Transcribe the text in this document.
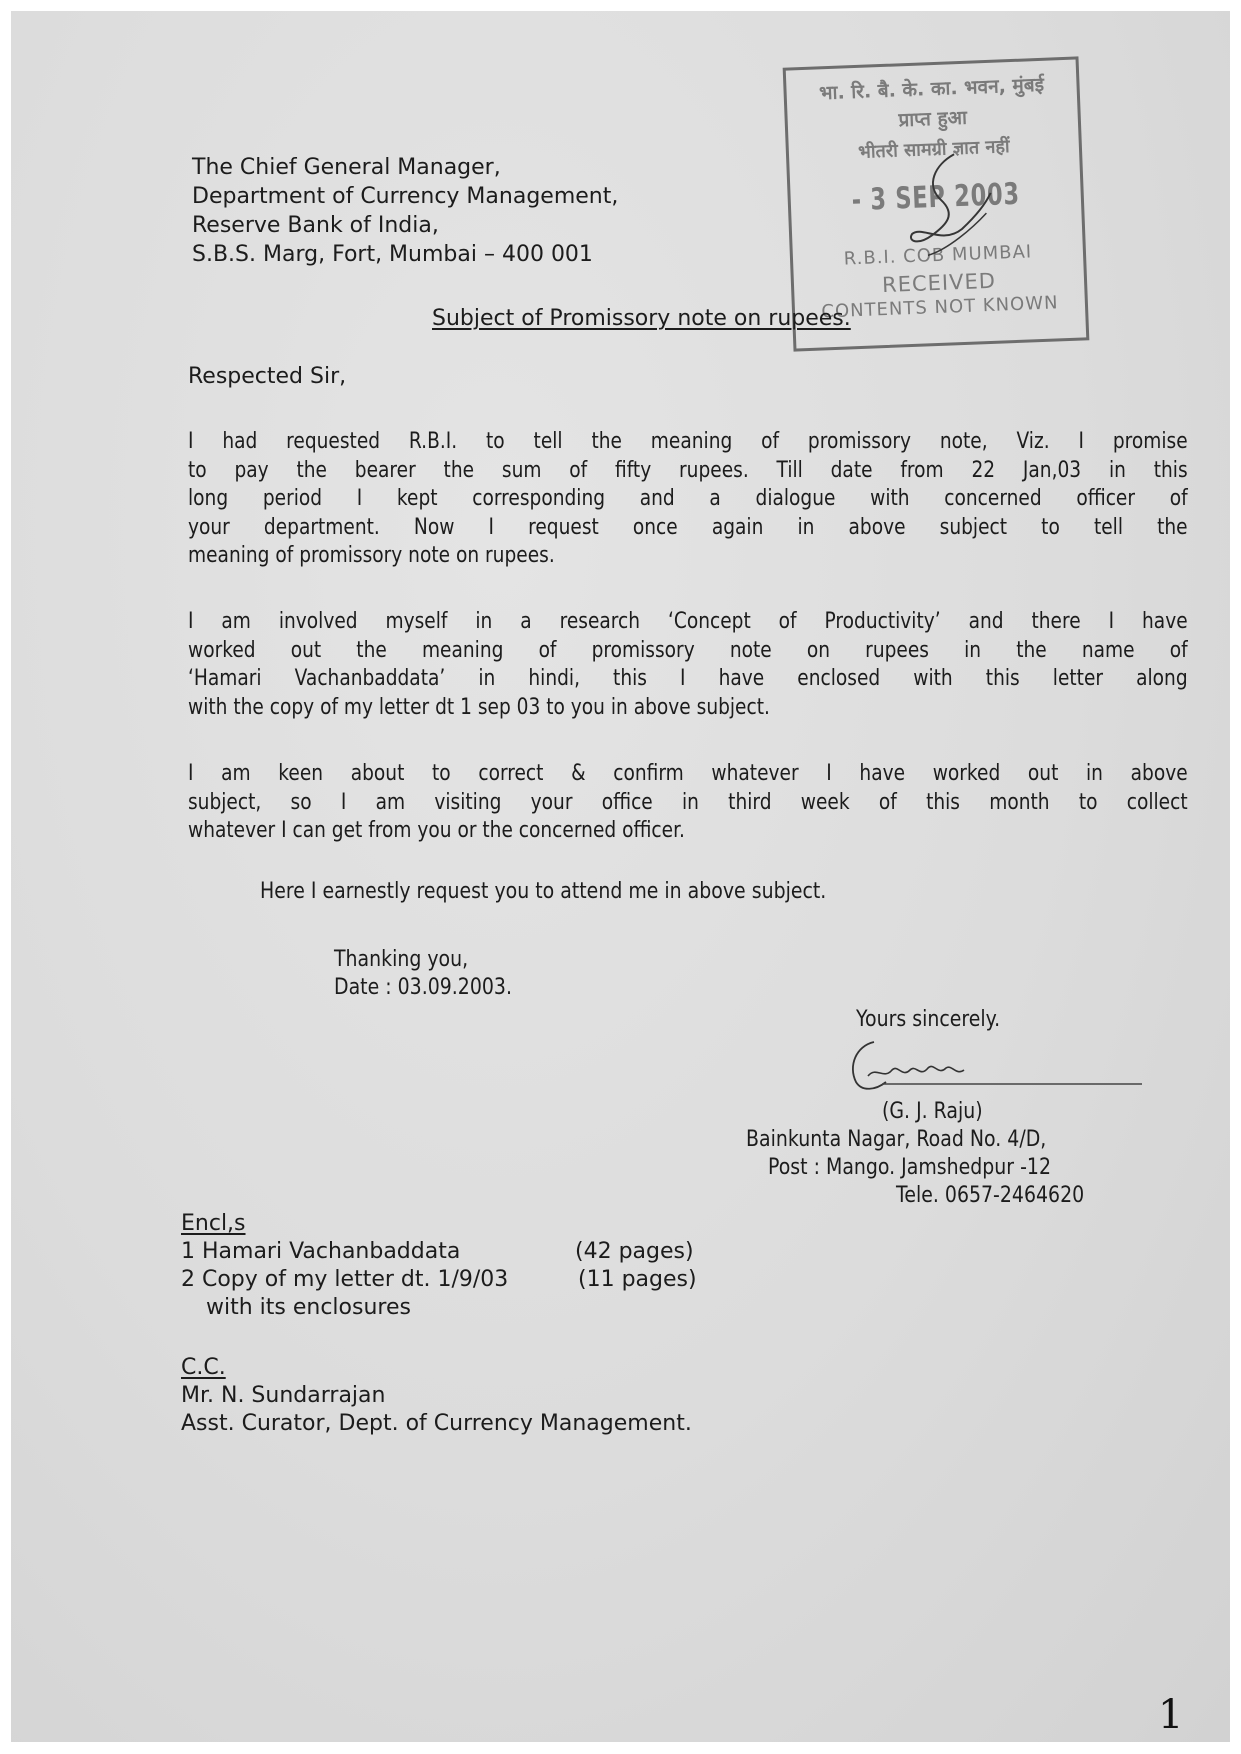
The Chief General Manager,
Department of Currency Management,
Reserve Bank of India,
S.B.S. Marg, Fort, Mumbai – 400 001
भा. रि. बै. के. का. भवन, मुंबई
प्राप्त हुआ
भीतरी सामग्री ज्ञात नहीं
- 3 SEP 2003
R.B.I. COB MUMBAI
RECEIVED
CONTENTS NOT KNOWN
Subject of Promissory note on rupees.
Respected Sir,
I had requested R.B.I. to tell the meaning of promissory note, Viz. I promise
to pay the bearer the sum of fifty rupees. Till date from 22 Jan,03 in this
long period I kept corresponding and a dialogue with concerned officer of
your department. Now I request once again in above subject to tell the
meaning of promissory note on rupees.
I am involved myself in a research ‘Concept of Productivity’ and there I have
worked out the meaning of promissory note on rupees in the name of
‘Hamari Vachanbaddata’ in hindi, this I have enclosed with this letter along
with the copy of my letter dt 1 sep 03 to you in above subject.
I am keen about to correct & confirm whatever I have worked out in above
subject, so I am visiting your office in third week of this month to collect
whatever I can get from you or the concerned officer.
Here I earnestly request you to attend me in above subject.
Thanking you,
Date : 03.09.2003.
Yours sincerely.
(G. J. Raju)
Bainkunta Nagar, Road No. 4/D,
Post : Mango. Jamshedpur -12
Tele. 0657-2464620
Encl,s
1 Hamari Vachanbaddata	(42 pages)
2 Copy of my letter dt. 1/9/03	(11 pages)
with its enclosures
C.C.
Mr. N. Sundarrajan
Asst. Curator, Dept. of Currency Management.
1
